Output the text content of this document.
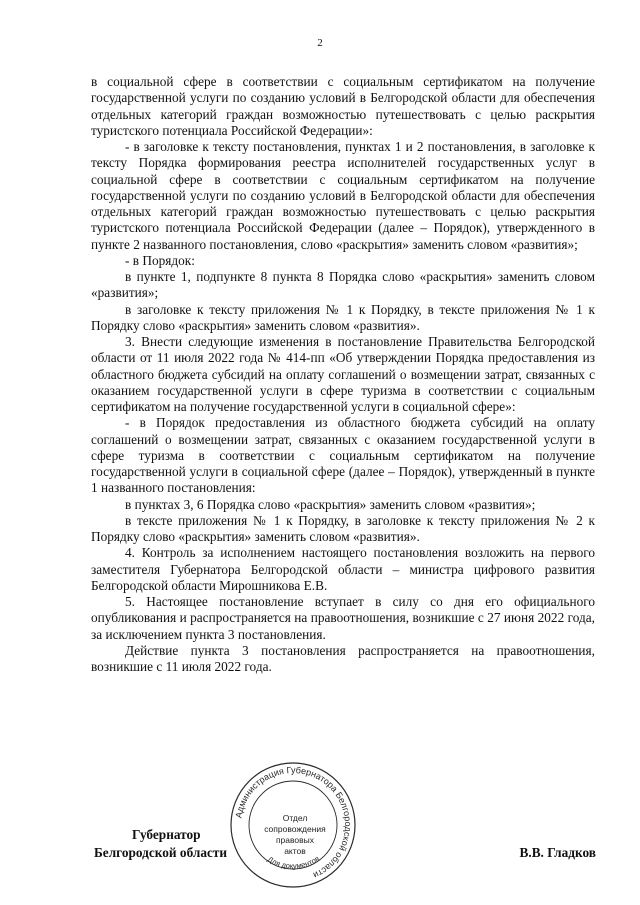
2

в социальной сфере в соответствии с социальным сертификатом на получение государственной услуги по созданию условий в Белгородской области для обеспечения отдельных категорий граждан возможностью путешествовать с целью раскрытия туристского потенциала Российской Федерации»:

- в заголовке к тексту постановления, пунктах 1 и 2 постановления, в заголовке к тексту Порядка формирования реестра исполнителей государственных услуг в социальной сфере в соответствии с социальным сертификатом на получение государственной услуги по созданию условий в Белгородской области для обеспечения отдельных категорий граждан возможностью путешествовать с целью раскрытия туристского потенциала Российской Федерации (далее – Порядок), утвержденного в пункте 2 названного постановления, слово «раскрытия» заменить словом «развития»;

- в Порядок:

в пункте 1, подпункте 8 пункта 8 Порядка слово «раскрытия» заменить словом «развития»;

в заголовке к тексту приложения № 1 к Порядку, в тексте приложения № 1 к Порядку слово «раскрытия» заменить словом «развития».

3. Внести следующие изменения в постановление Правительства Белгородской области от 11 июля 2022 года № 414-пп «Об утверждении Порядка предоставления из областного бюджета субсидий на оплату соглашений о возмещении затрат, связанных с оказанием государственной услуги в сфере туризма в соответствии с социальным сертификатом на получение государственной услуги в социальной сфере»:

- в Порядок предоставления из областного бюджета субсидий на оплату соглашений о возмещении затрат, связанных с оказанием государственной услуги в сфере туризма в соответствии с социальным сертификатом на получение государственной услуги в социальной сфере (далее – Порядок), утвержденный в пункте 1 названного постановления:

в пунктах 3, 6 Порядка слово «раскрытия» заменить словом «развития»;

в тексте приложения № 1 к Порядку, в заголовке к тексту приложения № 2 к Порядку слово «раскрытия» заменить словом «развития».

4. Контроль за исполнением настоящего постановления возложить на первого заместителя Губернатора Белгородской области – министра цифрового развития Белгородской области Мирошникова Е.В.

5. Настоящее постановление вступает в силу со дня его официального опубликования и распространяется на правоотношения, возникшие с 27 июня 2022 года, за исключением пункта 3 постановления.

Действие пункта 3 постановления распространяется на правоотношения, возникшие с 11 июля 2022 года.

Губернатор
Белгородской области	В.В. Гладков
Администрация Губернатора Белгородской области
Для документов
Отдел
сопровождения
правовых
актов
